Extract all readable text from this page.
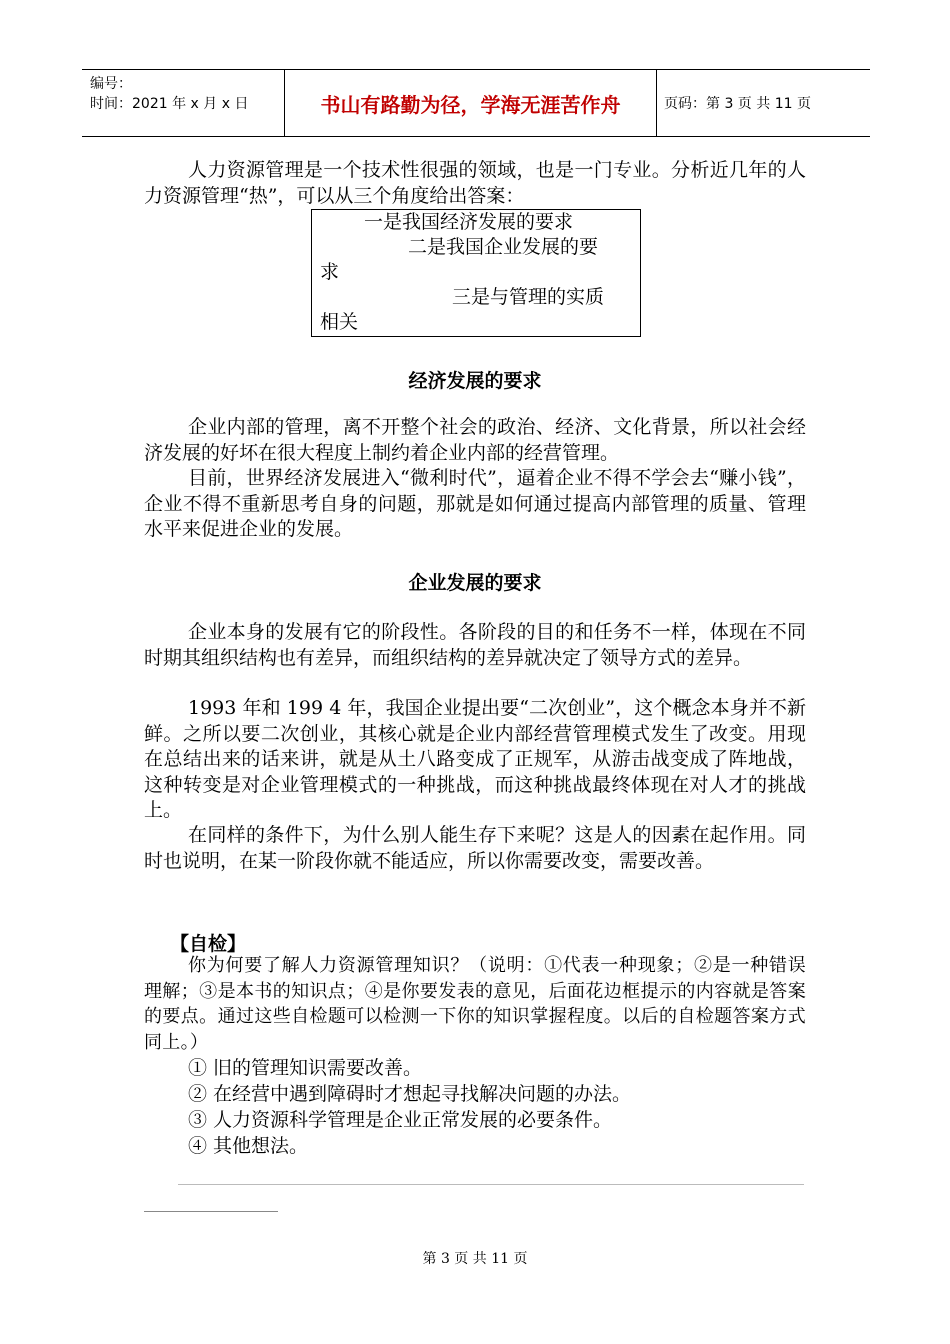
编号：
时间：2021 年 x 月 x 日	书山有路勤为径，学海无涯苦作舟	页码：第 3 页 共 11 页

人力资源管理是一个技术性很强的领域，也是一门专业。分析近几年的人力资源管理“热”，可以从三个角度给出答案：

一是我国经济发展的要求
二是我国企业发展的要
求
三是与管理的实质
相关
经济发展的要求

企业内部的管理，离不开整个社会的政治、经济、文化背景，所以社会经济发展的好坏在很大程度上制约着企业内部的经营管理。

目前，世界经济发展进入“微利时代”，逼着企业不得不学会去“赚小钱”，企业不得不重新思考自身的问题，那就是如何通过提高内部管理的质量、管理水平来促进企业的发展。

企业发展的要求

企业本身的发展有它的阶段性。各阶段的目的和任务不一样，体现在不同时期其组织结构也有差异，而组织结构的差异就决定了领导方式的差异。

1993 年和 199 4 年，我国企业提出要“二次创业”，这个概念本身并不新鲜。之所以要二次创业，其核心就是企业内部经营管理模式发生了改变。用现在总结出来的话来讲，就是从土八路变成了正规军，从游击战变成了阵地战，这种转变是对企业管理模式的一种挑战，而这种挑战最终体现在对人才的挑战上。

在同样的条件下，为什么别人能生存下来呢？这是人的因素在起作用。同时也说明，在某一阶段你就不能适应，所以你需要改变，需要改善。

【自检】

你为何要了解人力资源管理知识？（说明：①代表一种现象；②是一种错误理解；③是本书的知识点；④是你要发表的意见，后面花边框提示的内容就是答案的要点。通过这些自检题可以检测一下你的知识掌握程度。以后的自检题答案方式同上。）

① 旧的管理知识需要改善。
② 在经营中遇到障碍时才想起寻找解决问题的办法。
③ 人力资源科学管理是企业正常发展的必要条件。
④ 其他想法。
第 3 页 共 11 页
